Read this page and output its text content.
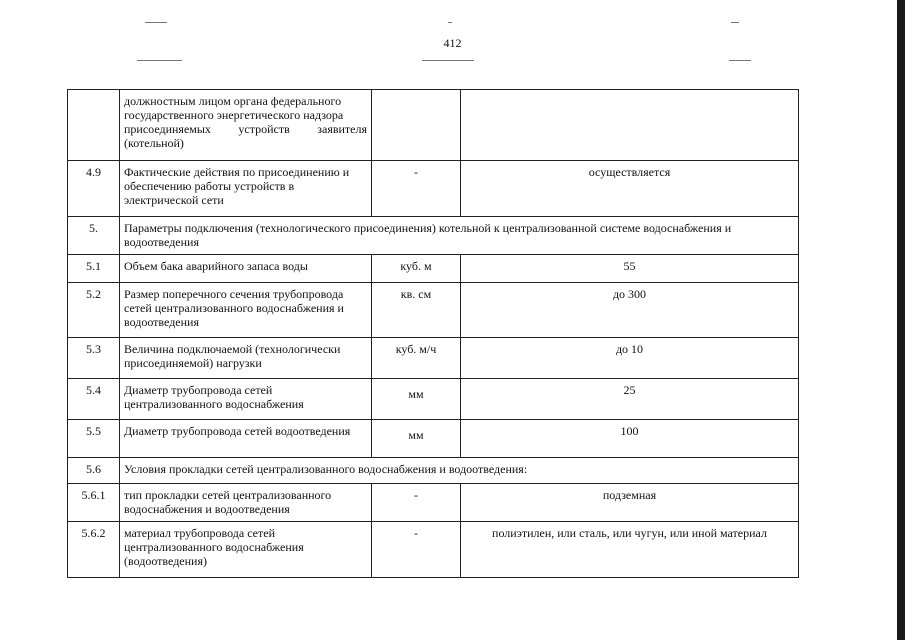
412
	должностным лицом органа федерального
государственного энергетического надзора

присоединяемых устройств заявителя
(котельной)		
4.9	Фактические действия по присоединению и обеспечению работы устройств в электрической сети	-	осуществляется
5.	Параметры подключения (технологического присоединения) котельной к централизованной системе водоснабжения и водоотведения		
5.1	Объем бака аварийного запаса воды	куб. м	55
5.2	Размер поперечного сечения трубопровода сетей централизованного водоснабжения и водоотведения	кв. см	до 300
5.3	Величина подключаемой (технологически присоединяемой) нагрузки	куб. м/ч	до 10
5.4	Диаметр трубопровода сетей централизованного водоснабжения	мм	25
5.5	Диаметр трубопровода сетей водоотведения	мм	100
5.6	Условия прокладки сетей централизованного водоснабжения и водоотведения:		
5.6.1	тип прокладки сетей централизованного водоснабжения и водоотведения	-	подземная
5.6.2	материал трубопровода сетей централизованного водоснабжения (водоотведения)	-	полиэтилен, или сталь, или чугун, или иной материал
